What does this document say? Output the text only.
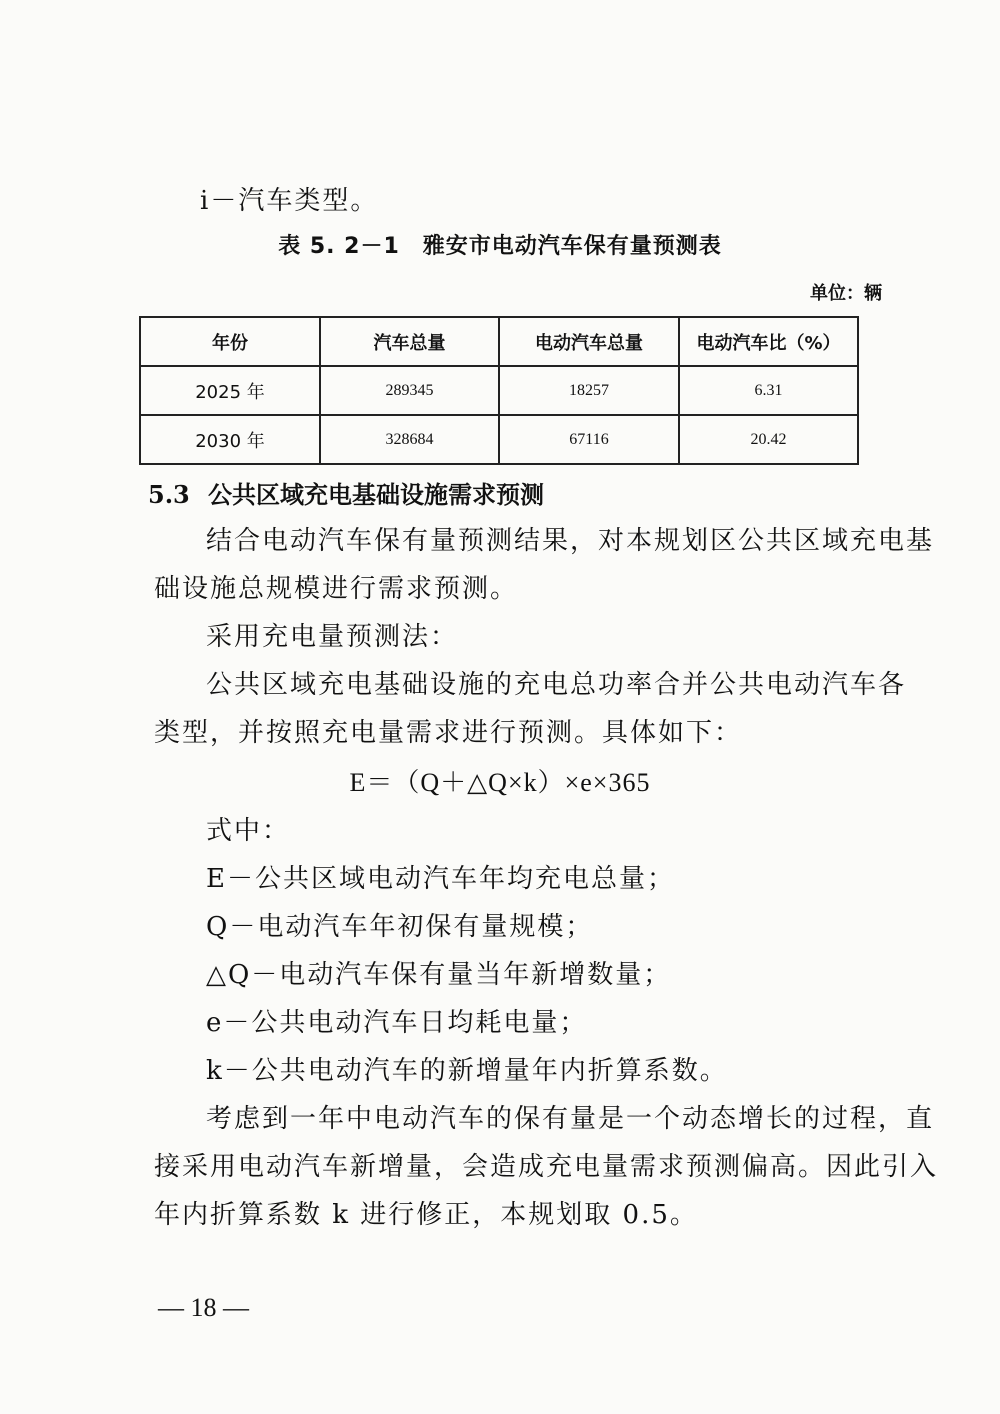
i－汽车类型。
表 5. 2－1　雅安市电动汽车保有量预测表
单位：辆
年份	汽车总量	电动汽车总量	电动汽车比（%）
2025 年	289345	18257	6.31
2030 年	328684	67116	20.42
5.3 公共区域充电基础设施需求预测
结合电动汽车保有量预测结果，对本规划区公共区域充电基
础设施总规模进行需求预测。
采用充电量预测法：
公共区域充电基础设施的充电总功率合并公共电动汽车各
类型，并按照充电量需求进行预测。具体如下：
E＝（Q＋△Q×k）×e×365
式中：
E－公共区域电动汽车年均充电总量；
Q－电动汽车年初保有量规模；
△Q－电动汽车保有量当年新增数量；
e－公共电动汽车日均耗电量；
k－公共电动汽车的新增量年内折算系数。
考虑到一年中电动汽车的保有量是一个动态增长的过程，直
接采用电动汽车新增量，会造成充电量需求预测偏高。因此引入
年内折算系数 k 进行修正，本规划取 0.5。
— 18 —
